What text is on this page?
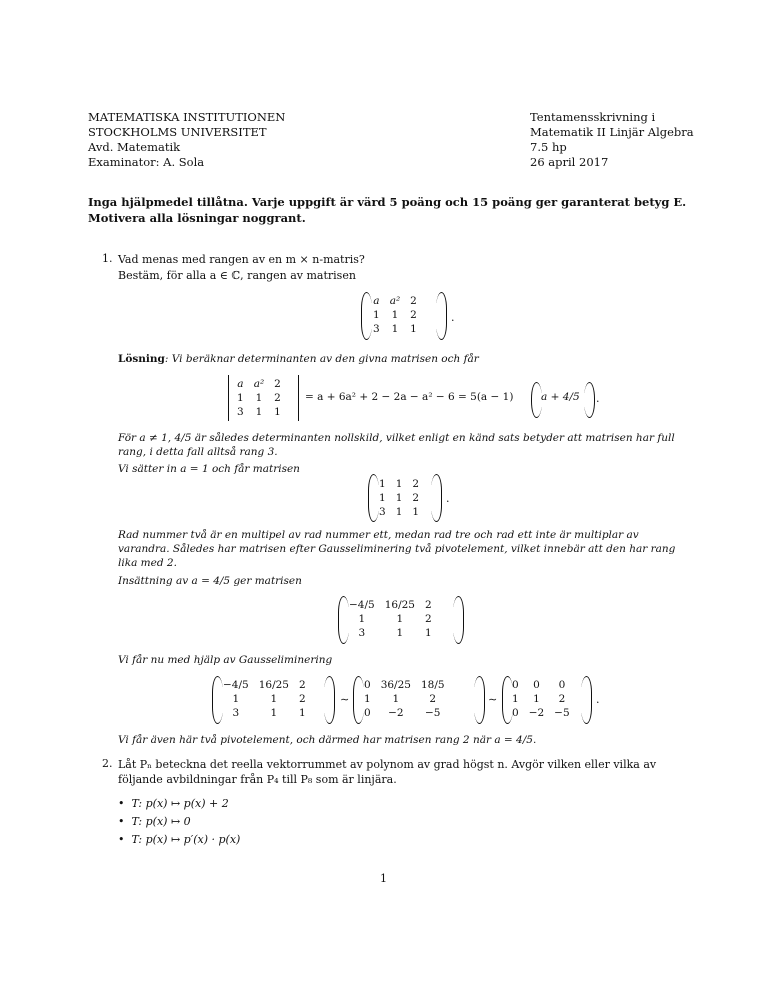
MATEMATISKA INSTITUTIONEN
STOCKHOLMS UNIVERSITET
Avd. Matematik
Examinator: A. Sola
Tentamensskrivning i
Matematik II Linjär Algebra
7.5 hp
26 april 2017
Inga hjälpmedel tillåtna. Varje uppgift är värd 5 poäng och 15 poäng ger garanterat betyg E. Motivera alla lösningar noggrant.
1. Vad menas med rangen av en m × n-matris?
Bestäm, för alla a ∈ ℂ, rangen av matrisen
a	a²	2
1	1	2
3	1	1
.
Lösning: Vi beräknar determinanten av den givna matrisen och får
a	a²	2
1	1	2
3	1	1
= a + 6a² + 2 − 2a − a² − 6 = 5(a − 1)	a + 4/5 .
För a ≠ 1, 4/5 är således determinanten nollskild, vilket enligt en känd sats betyder att matrisen har full rang, i detta fall alltså rang 3.
Vi sätter in a = 1 och får matrisen
1	1	2
1	1	2
3	1	1
.
Rad nummer två är en multipel av rad nummer ett, medan rad tre och rad ett inte är multiplar av varandra. Således har matrisen efter Gausseliminering två pivotelement, vilket innebär att den har rang lika med 2.
Insättning av a = 4/5 ger matrisen
−4/5	16/25	2
1	1	2
3	1	1
Vi får nu med hjälp av Gausseliminering
−4/5	16/25	2
1	1	2
3	1	1
∼
0	36/25	18/5
1	1	2
0	−2	−5
∼
0	0	0
1	1	2
0	−2	−5
.
Vi får även här två pivotelement, och därmed har matrisen rang 2 när a = 4/5.
2. Låt Pₙ beteckna det reella vektorrummet av polynom av grad högst n. Avgör vilken eller vilka av
följande avbildningar från P₄ till P₈ som är linjära.
•  T: p(x) ↦ p(x) + 2
•  T: p(x) ↦ 0
•  T: p(x) ↦ p′(x) · p(x)
1
